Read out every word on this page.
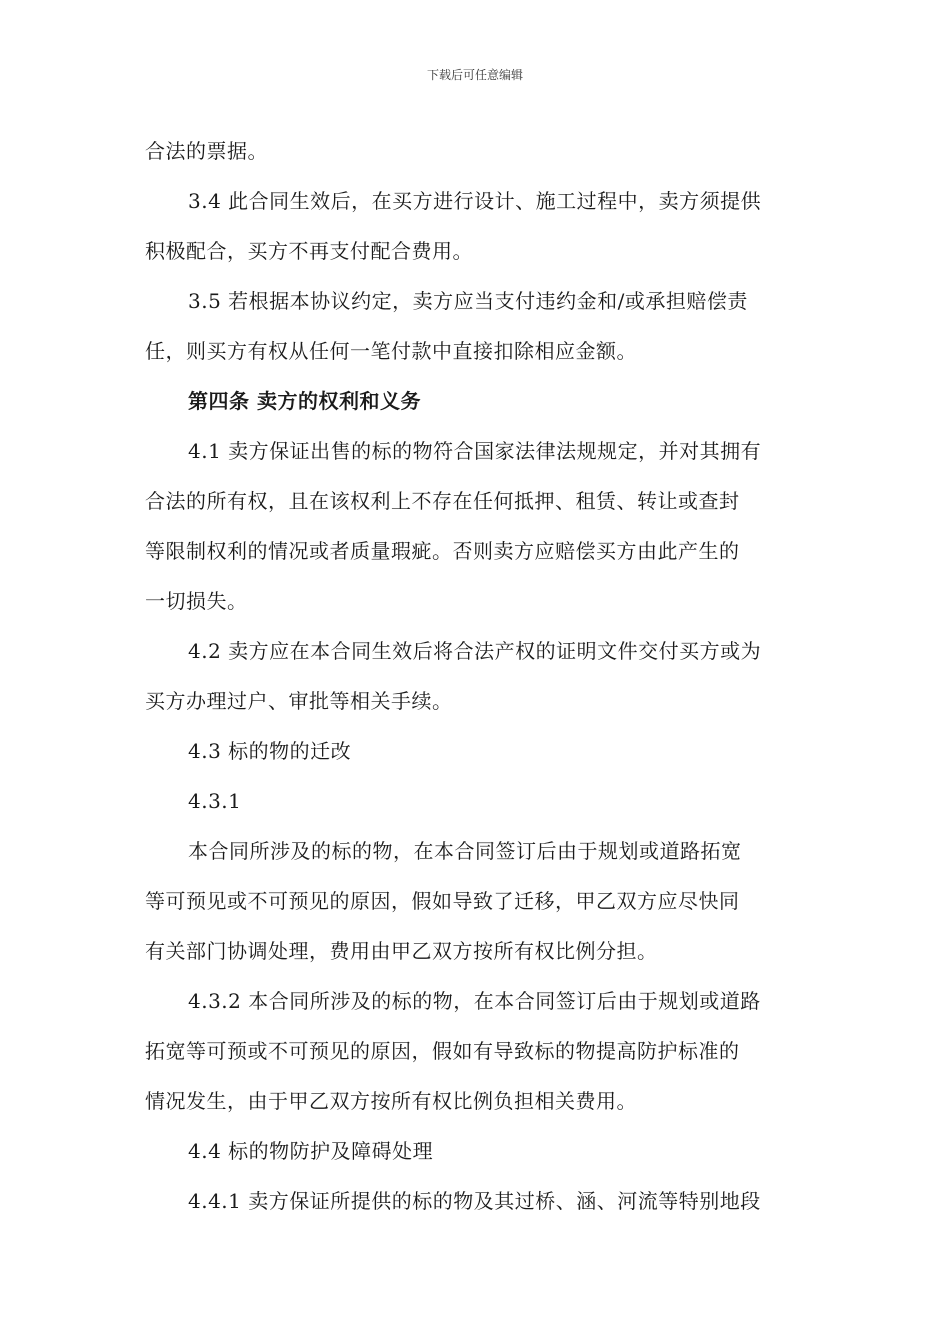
下载后可任意编辑
合法的票据。
3.4 此合同生效后，在买方进行设计、施工过程中，卖方须提供
积极配合，买方不再支付配合费用。
3.5 若根据本协议约定，卖方应当支付违约金和/或承担赔偿责
任，则买方有权从任何一笔付款中直接扣除相应金额。
第四条 卖方的权利和义务
4.1 卖方保证出售的标的物符合国家法律法规规定，并对其拥有
合法的所有权，且在该权利上不存在任何抵押、租赁、转让或查封
等限制权利的情况或者质量瑕疵。否则卖方应赔偿买方由此产生的
一切损失。
4.2 卖方应在本合同生效后将合法产权的证明文件交付买方或为
买方办理过户、审批等相关手续。
4.3 标的物的迁改
4.3.1
本合同所涉及的标的物，在本合同签订后由于规划或道路拓宽
等可预见或不可预见的原因，假如导致了迁移，甲乙双方应尽快同
有关部门协调处理，费用由甲乙双方按所有权比例分担。
4.3.2 本合同所涉及的标的物，在本合同签订后由于规划或道路
拓宽等可预或不可预见的原因，假如有导致标的物提高防护标准的
情况发生，由于甲乙双方按所有权比例负担相关费用。
4.4 标的物防护及障碍处理
4.4.1 卖方保证所提供的标的物及其过桥、涵、河流等特别地段
